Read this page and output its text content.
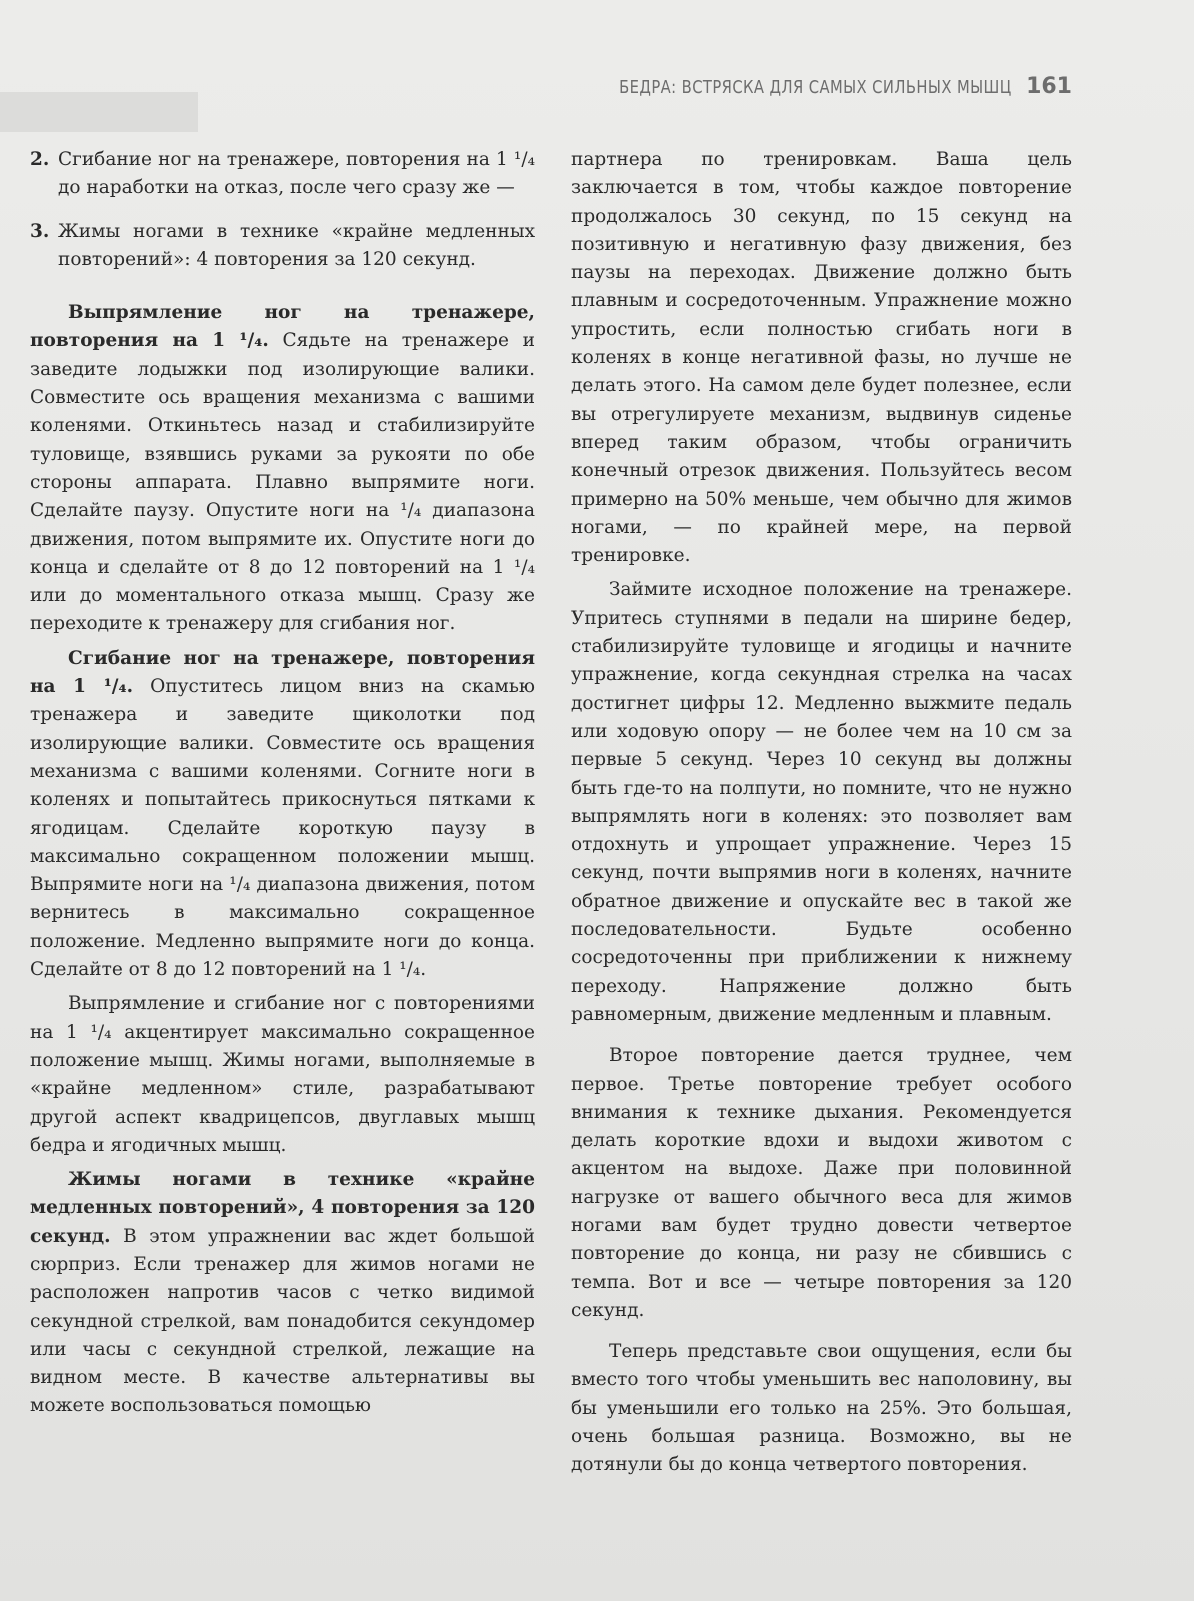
БЕДРА: ВСТРЯСКА ДЛЯ САМЫХ СИЛЬНЫХ МЫШЦ 161
2. Сгибание ног на тренажере, повторения на 1 ¹/₄ до наработки на отказ, после чего сразу же —
3. Жимы ногами в технике «крайне медленных повторений»: 4 повторения за 120 секунд.

Выпрямление ног на тренажере, повторения на 1 ¹/₄. Сядьте на тренажере и заведите лодыжки под изолирующие валики. Совместите ось вращения механизма с вашими коленями. Откиньтесь назад и стабилизируйте туловище, взявшись руками за рукояти по обе стороны аппарата. Плавно выпрямите ноги. Сделайте паузу. Опустите ноги на ¹/₄ диапазона движения, потом выпрямите их. Опустите ноги до конца и сделайте от 8 до 12 повторений на 1 ¹/₄ или до моментального отказа мышц. Сразу же переходите к тренажеру для сгибания ног.

Сгибание ног на тренажере, повторения на 1 ¹/₄. Опуститесь лицом вниз на скамью тренажера и заведите щиколотки под изолирующие валики. Совместите ось вращения механизма с вашими коленями. Согните ноги в коленях и попытайтесь прикоснуться пятками к ягодицам. Сделайте короткую паузу в максимально сокращенном положении мышц. Выпрямите ноги на ¹/₄ диапазона движения, потом вернитесь в максимально сокращенное положение. Медленно выпрямите ноги до конца. Сделайте от 8 до 12 повторений на 1 ¹/₄.

Выпрямление и сгибание ног с повторениями на 1 ¹/₄ акцентирует максимально сокращенное положение мышц. Жимы ногами, выполняемые в «крайне медленном» стиле, разрабатывают другой аспект квадрицепсов, двуглавых мышц бедра и ягодичных мышц.

Жимы ногами в технике «крайне медленных повторений», 4 повторения за 120 секунд. В этом упражнении вас ждет большой сюрприз. Если тренажер для жимов ногами не расположен напротив часов с четко видимой секундной стрелкой, вам понадобится секундомер или часы с секундной стрелкой, лежащие на видном месте. В качестве альтернативы вы можете воспользоваться помощью

партнера по тренировкам. Ваша цель заключается в том, чтобы каждое повторение продолжалось 30 секунд, по 15 секунд на позитивную и негативную фазу движения, без паузы на переходах. Движение должно быть плавным и сосредоточенным. Упражнение можно упростить, если полностью сгибать ноги в коленях в конце негативной фазы, но лучше не делать этого. На самом деле будет полезнее, если вы отрегулируете механизм, выдвинув сиденье вперед таким образом, чтобы ограничить конечный отрезок движения. Пользуйтесь весом примерно на 50% меньше, чем обычно для жимов ногами, — по крайней мере, на первой тренировке.

Займите исходное положение на тренажере. Упритесь ступнями в педали на ширине бедер, стабилизируйте туловище и ягодицы и начните упражнение, когда секундная стрелка на часах достигнет цифры 12. Медленно выжмите педаль или ходовую опору — не более чем на 10 см за первые 5 секунд. Через 10 секунд вы должны быть где-то на полпути, но помните, что не нужно выпрямлять ноги в коленях: это позволяет вам отдохнуть и упрощает упражнение. Через 15 секунд, почти выпрямив ноги в коленях, начните обратное движение и опускайте вес в такой же последовательности. Будьте особенно сосредоточенны при приближении к нижнему переходу. Напряжение должно быть равномерным, движение медленным и плавным.

Второе повторение дается труднее, чем первое. Третье повторение требует особого внимания к технике дыхания. Рекомендуется делать короткие вдохи и выдохи животом с акцентом на выдохе. Даже при половинной нагрузке от вашего обычного веса для жимов ногами вам будет трудно довести четвертое повторение до конца, ни разу не сбившись с темпа. Вот и все — четыре повторения за 120 секунд.

Теперь представьте свои ощущения, если бы вместо того чтобы уменьшить вес наполовину, вы бы уменьшили его только на 25%. Это большая, очень большая разница. Возможно, вы не дотянули бы до конца четвертого повторения.
